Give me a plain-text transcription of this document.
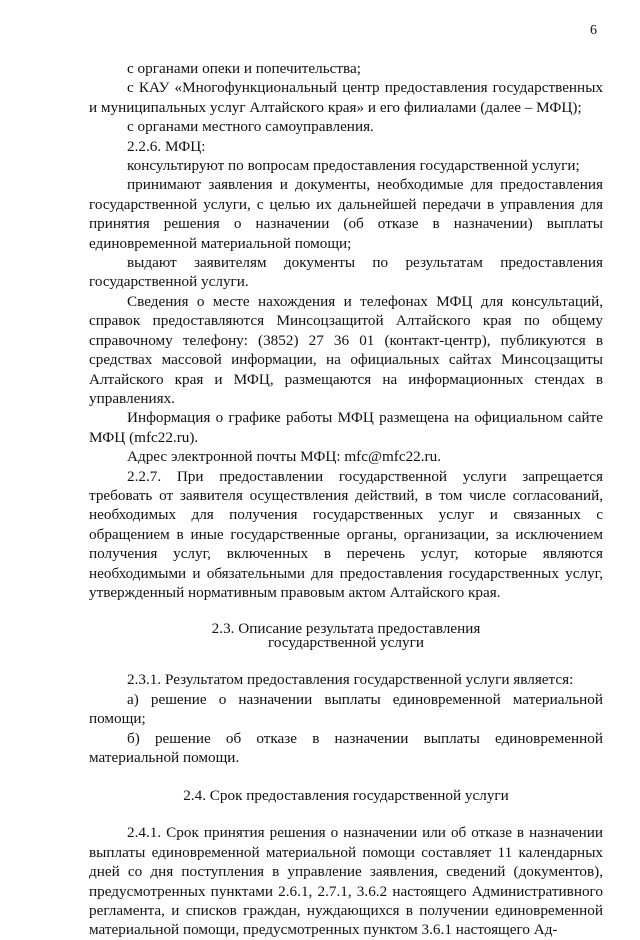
6

с органами опеки и попечительства;

с КАУ «Многофункциональный центр предоставления государственных и муниципальных услуг Алтайского края» и его филиалами (далее – МФЦ);

с органами местного самоуправления.

2.2.6. МФЦ:

консультируют по вопросам предоставления государственной услуги;

принимают заявления и документы, необходимые для предоставления государственной услуги, с целью их дальнейшей передачи в управления для принятия решения о назначении (об отказе в назначении) выплаты единовременной материальной помощи;

выдают заявителям документы по результатам предоставления государственной услуги.

Сведения о месте нахождения и телефонах МФЦ для консультаций, справок предоставляются Минсоцзащитой Алтайского края по общему справочному телефону: (3852) 27 36 01 (контакт-центр), публикуются в средствах массовой информации, на официальных сайтах Минсоцзащиты Алтайского края и МФЦ, размещаются на информационных стендах в управлениях.

Информация о графике работы МФЦ размещена на официальном сайте МФЦ (mfc22.ru).

Адрес электронной почты МФЦ: mfc@mfc22.ru.

2.2.7. При предоставлении государственной услуги запрещается требовать от заявителя осуществления действий, в том числе согласований, необходимых для получения государственных услуг и связанных с обращением в иные государственные органы, организации, за исключением получения услуг, включенных в перечень услуг, которые являются необходимыми и обязательными для предоставления государственных услуг, утвержденный нормативным правовым актом Алтайского края.

2.3. Описание результата предоставления

государственной услуги

2.3.1. Результатом предоставления государственной услуги является:

а) решение о назначении выплаты единовременной материальной помощи;

б) решение об отказе в назначении выплаты единовременной материальной помощи.

2.4. Срок предоставления государственной услуги

2.4.1. Срок принятия решения о назначении или об отказе в назначении выплаты единовременной материальной помощи составляет 11 календарных дней со дня поступления в управление заявления, сведений (документов), предусмотренных пунктами 2.6.1, 2.7.1, 3.6.2 настоящего Административного регламента, и списков граждан, нуждающихся в получении единовременной материальной помощи, предусмотренных пунктом 3.6.1 настоящего Ад-
